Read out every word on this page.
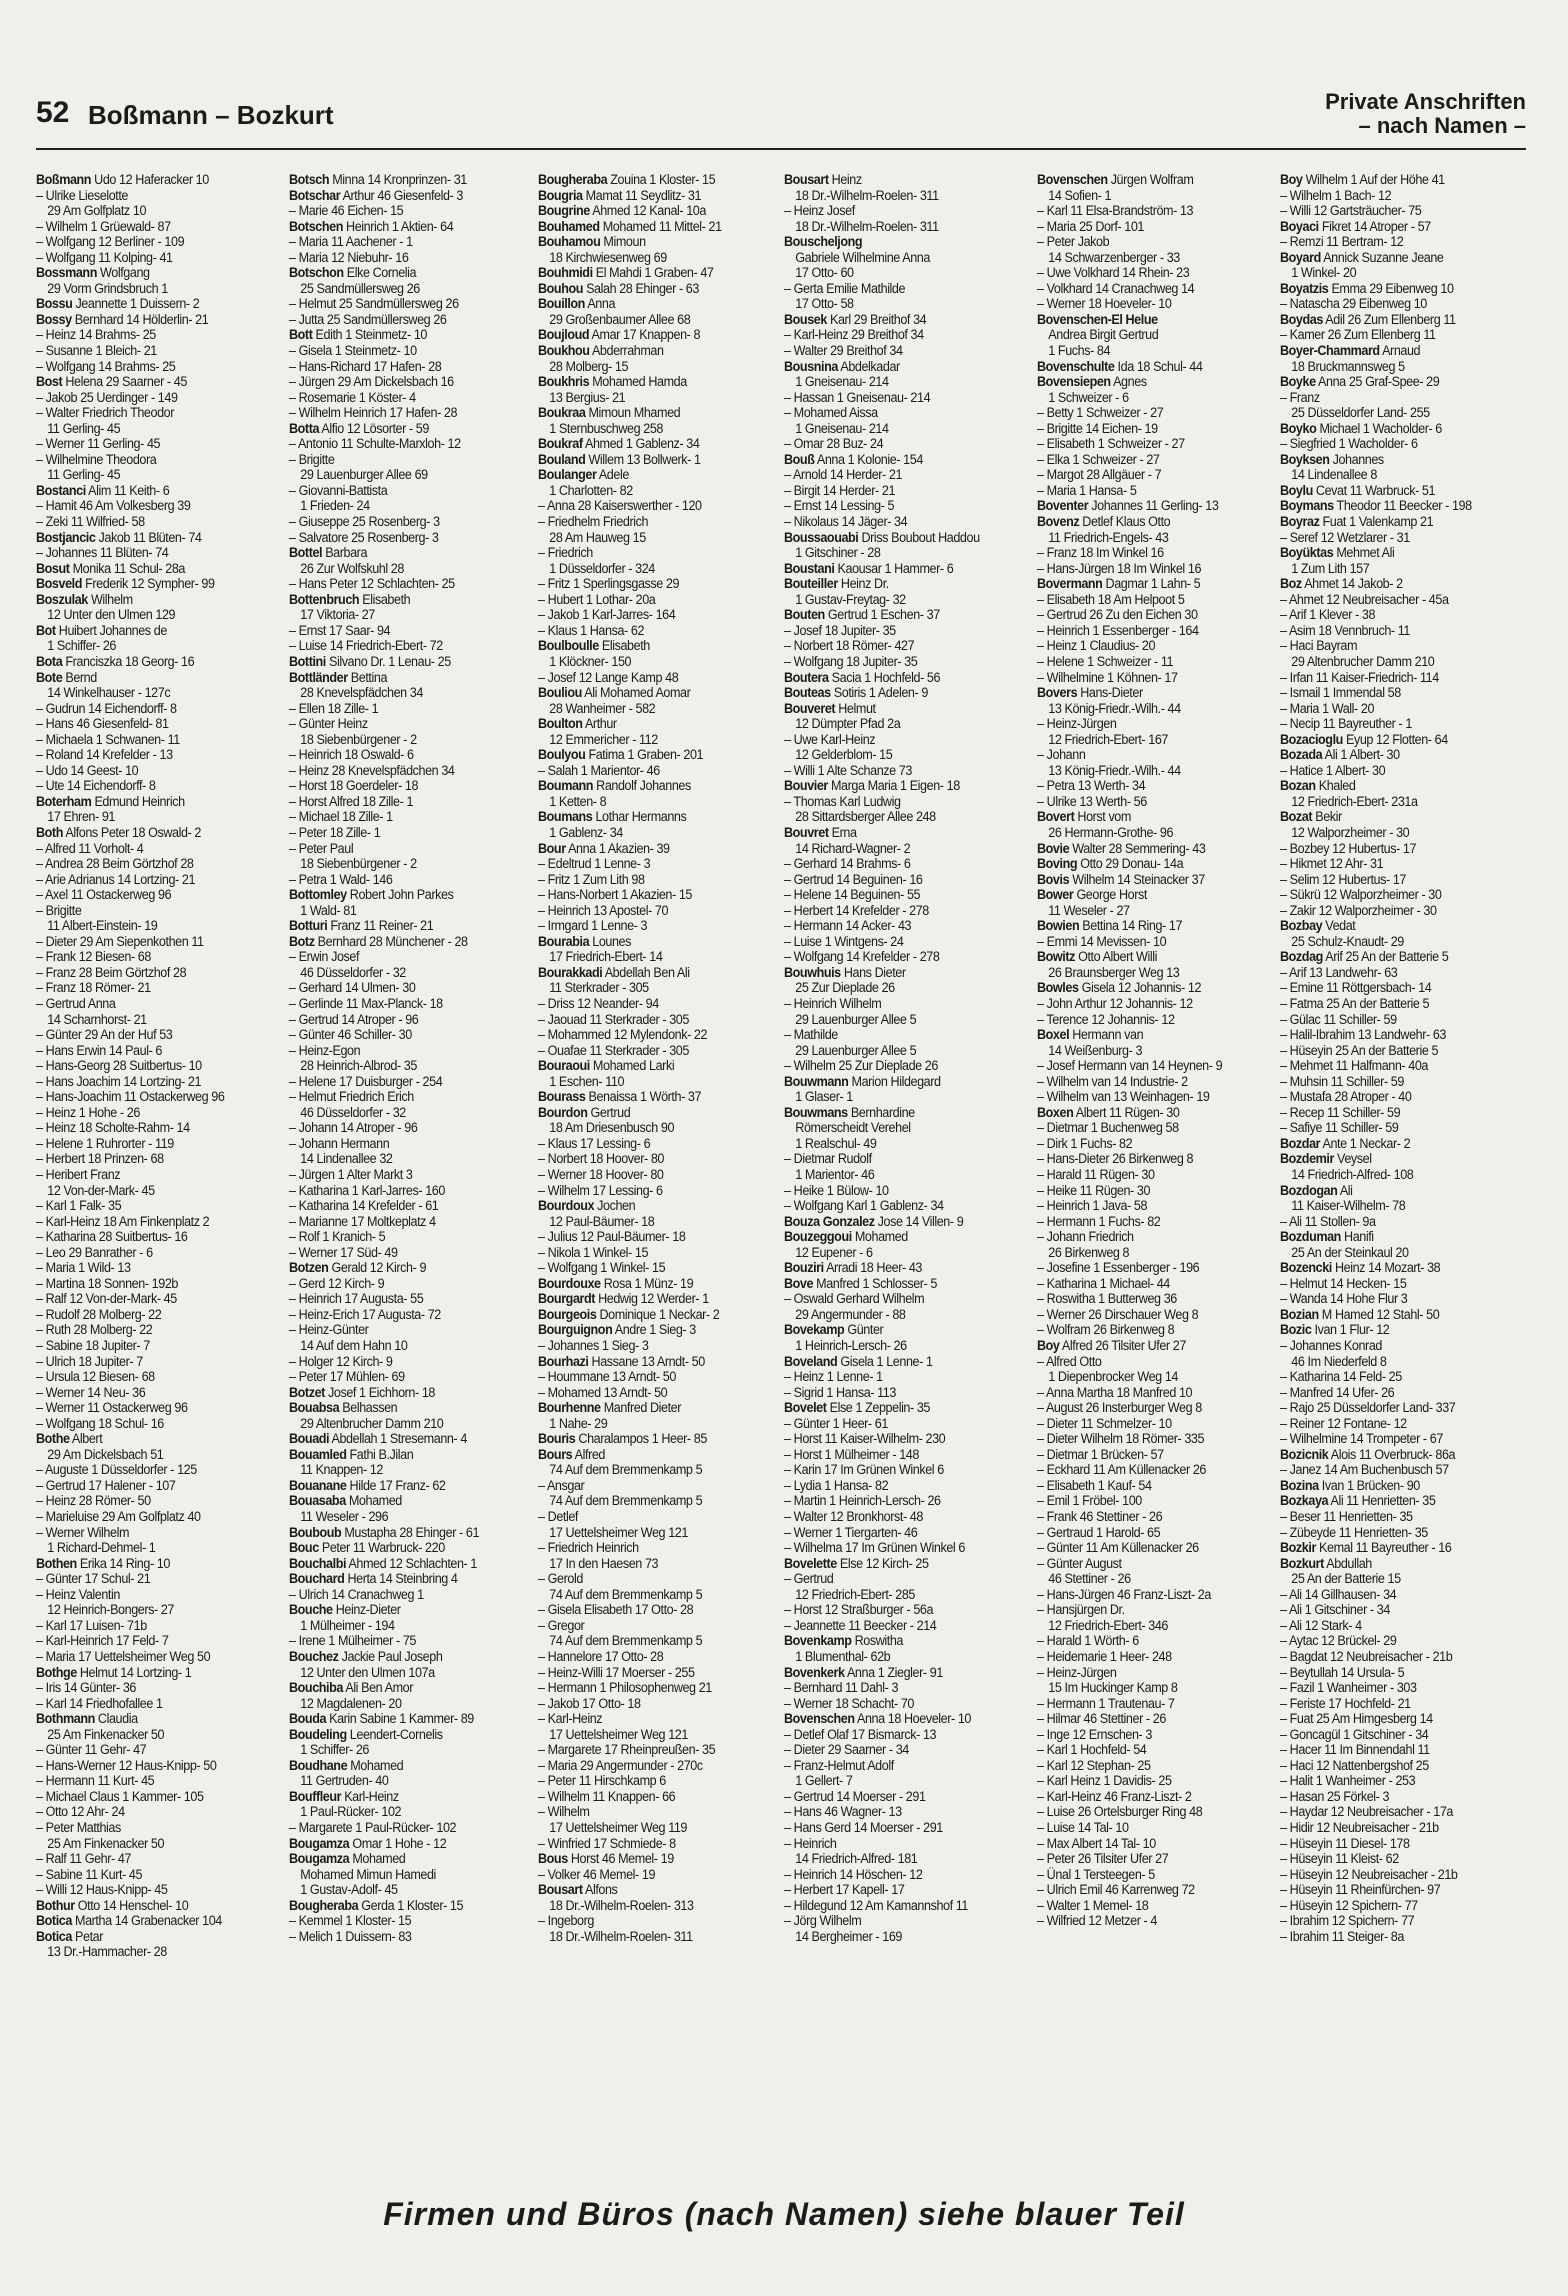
52 Boßmann – Bozkurt	Private Anschriften
– nach Namen –
Boßmann Udo 12 Haferacker 10
– Ulrike Lieselotte
29 Am Golfplatz 10
– Wilhelm 1 Grüewald- 87
– Wolfgang 12 Berliner - 109
– Wolfgang 11 Kolping- 41
Bossmann Wolfgang
29 Vorm Grindsbruch 1
Bossu Jeannette 1 Duissern- 2
Bossy Bernhard 14 Hölderlin- 21
– Heinz 14 Brahms- 25
– Susanne 1 Bleich- 21
– Wolfgang 14 Brahms- 25
Bost Helena 29 Saarner - 45
– Jakob 25 Uerdinger - 149
– Walter Friedrich Theodor
11 Gerling- 45
– Werner 11 Gerling- 45
– Wilhelmine Theodora
11 Gerling- 45
Bostanci Alim 11 Keith- 6
– Hamit 46 Am Volkesberg 39
– Zeki 11 Wilfried- 58
Bostjancic Jakob 11 Blüten- 74
– Johannes 11 Blüten- 74
Bosut Monika 11 Schul- 28a
Bosveld Frederik 12 Sympher- 99
Boszulak Wilhelm
12 Unter den Ulmen 129
Bot Huibert Johannes de
1 Schiffer- 26
Bota Franciszka 18 Georg- 16
Bote Bernd
14 Winkelhauser - 127c
– Gudrun 14 Eichendorff- 8
– Hans 46 Giesenfeld- 81
– Michaela 1 Schwanen- 11
– Roland 14 Krefelder - 13
– Udo 14 Geest- 10
– Ute 14 Eichendorff- 8
Boterham Edmund Heinrich
17 Ehren- 91
Both Alfons Peter 18 Oswald- 2
– Alfred 11 Vorholt- 4
– Andrea 28 Beim Görtzhof 28
– Arie Adrianus 14 Lortzing- 21
– Axel 11 Ostackerweg 96
– Brigitte
11 Albert-Einstein- 19
– Dieter 29 Am Siepenkothen 11
– Frank 12 Biesen- 68
– Franz 28 Beim Görtzhof 28
– Franz 18 Römer- 21
– Gertrud Anna
14 Scharnhorst- 21
– Günter 29 An der Huf 53
– Hans Erwin 14 Paul- 6
– Hans-Georg 28 Suitbertus- 10
– Hans Joachim 14 Lortzing- 21
– Hans-Joachim 11 Ostackerweg 96
– Heinz 1 Hohe - 26
– Heinz 18 Scholte-Rahm- 14
– Helene 1 Ruhrorter - 119
– Herbert 18 Prinzen- 68
– Heribert Franz
12 Von-der-Mark- 45
– Karl 1 Falk- 35
– Karl-Heinz 18 Am Finkenplatz 2
– Katharina 28 Suitbertus- 16
– Leo 29 Banrather - 6
– Maria 1 Wild- 13
– Martina 18 Sonnen- 192b
– Ralf 12 Von-der-Mark- 45
– Rudolf 28 Molberg- 22
– Ruth 28 Molberg- 22
– Sabine 18 Jupiter- 7
– Ulrich 18 Jupiter- 7
– Ursula 12 Biesen- 68
– Werner 14 Neu- 36
– Werner 11 Ostackerweg 96
– Wolfgang 18 Schul- 16
Bothe Albert
29 Am Dickelsbach 51
– Auguste 1 Düsseldorfer - 125
– Gertrud 17 Halener - 107
– Heinz 28 Römer- 50
– Marieluise 29 Am Golfplatz 40
– Werner Wilhelm
1 Richard-Dehmel- 1
Bothen Erika 14 Ring- 10
– Günter 17 Schul- 21
– Heinz Valentin
12 Heinrich-Bongers- 27
– Karl 17 Luisen- 71b
– Karl-Heinrich 17 Feld- 7
– Maria 17 Uettelsheimer Weg 50
Bothge Helmut 14 Lortzing- 1
– Iris 14 Günter- 36
– Karl 14 Friedhofallee 1
Bothmann Claudia
25 Am Finkenacker 50
– Günter 11 Gehr- 47
– Hans-Werner 12 Haus-Knipp- 50
– Hermann 11 Kurt- 45
– Michael Claus 1 Kammer- 105
– Otto 12 Ahr- 24
– Peter Matthias
25 Am Finkenacker 50
– Ralf 11 Gehr- 47
– Sabine 11 Kurt- 45
– Willi 12 Haus-Knipp- 45
Bothur Otto 14 Henschel- 10
Botica Martha 14 Grabenacker 104
Botica Petar
13 Dr.-Hammacher- 28
Botsch Minna 14 Kronprinzen- 31
Botschar Arthur 46 Giesenfeld- 3
– Marie 46 Eichen- 15
Botschen Heinrich 1 Aktien- 64
– Maria 11 Aachener - 1
– Maria 12 Niebuhr- 16
Botschon Elke Cornelia
25 Sandmüllersweg 26
– Helmut 25 Sandmüllersweg 26
– Jutta 25 Sandmüllersweg 26
Bott Edith 1 Steinmetz- 10
– Gisela 1 Steinmetz- 10
– Hans-Richard 17 Hafen- 28
– Jürgen 29 Am Dickelsbach 16
– Rosemarie 1 Köster- 4
– Wilhelm Heinrich 17 Hafen- 28
Botta Alfio 12 Lösorter - 59
– Antonio 11 Schulte-Marxloh- 12
– Brigitte
29 Lauenburger Allee 69
– Giovanni-Battista
1 Frieden- 24
– Giuseppe 25 Rosenberg- 3
– Salvatore 25 Rosenberg- 3
Bottel Barbara
26 Zur Wolfskuhl 28
– Hans Peter 12 Schlachten- 25
Bottenbruch Elisabeth
17 Viktoria- 27
– Ernst 17 Saar- 94
– Luise 14 Friedrich-Ebert- 72
Bottini Silvano Dr. 1 Lenau- 25
Bottländer Bettina
28 Knevelspfädchen 34
– Ellen 18 Zille- 1
– Günter Heinz
18 Siebenbürgener - 2
– Heinrich 18 Oswald- 6
– Heinz 28 Knevelspfädchen 34
– Horst 18 Goerdeler- 18
– Horst Alfred 18 Zille- 1
– Michael 18 Zille- 1
– Peter 18 Zille- 1
– Peter Paul
18 Siebenbürgener - 2
– Petra 1 Wald- 146
Bottomley Robert John Parkes
1 Wald- 81
Botturi Franz 11 Reiner- 21
Botz Bernhard 28 Münchener - 28
– Erwin Josef
46 Düsseldorfer - 32
– Gerhard 14 Ulmen- 30
– Gerlinde 11 Max-Planck- 18
– Gertrud 14 Atroper - 96
– Günter 46 Schiller- 30
– Heinz-Egon
28 Heinrich-Albrod- 35
– Helene 17 Duisburger - 254
– Helmut Friedrich Erich
46 Düsseldorfer - 32
– Johann 14 Atroper - 96
– Johann Hermann
14 Lindenallee 32
– Jürgen 1 Alter Markt 3
– Katharina 1 Karl-Jarres- 160
– Katharina 14 Krefelder - 61
– Marianne 17 Moltkeplatz 4
– Rolf 1 Kranich- 5
– Werner 17 Süd- 49
Botzen Gerald 12 Kirch- 9
– Gerd 12 Kirch- 9
– Heinrich 17 Augusta- 55
– Heinz-Erich 17 Augusta- 72
– Heinz-Günter
14 Auf dem Hahn 10
– Holger 12 Kirch- 9
– Peter 17 Mühlen- 69
Botzet Josef 1 Eichhorn- 18
Bouabsa Belhassen
29 Altenbrucher Damm 210
Bouadi Abdellah 1 Stresemann- 4
Bouamled Fathi B.Jilan
11 Knappen- 12
Bouanane Hilde 17 Franz- 62
Bouasaba Mohamed
11 Weseler - 296
Bouboub Mustapha 28 Ehinger - 61
Bouc Peter 11 Warbruck- 220
Bouchalbi Ahmed 12 Schlachten- 1
Bouchard Herta 14 Steinbring 4
– Ulrich 14 Cranachweg 1
Bouche Heinz-Dieter
1 Mülheimer - 194
– Irene 1 Mülheimer - 75
Bouchez Jackie Paul Joseph
12 Unter den Ulmen 107a
Bouchiba Ali Ben Amor
12 Magdalenen- 20
Bouda Karin Sabine 1 Kammer- 89
Boudeling Leendert-Cornelis
1 Schiffer- 26
Boudhane Mohamed
11 Gertruden- 40
Bouffleur Karl-Heinz
1 Paul-Rücker- 102
– Margarete 1 Paul-Rücker- 102
Bougamza Omar 1 Hohe - 12
Bougamza Mohamed
Mohamed Mimun Hamedi
1 Gustav-Adolf- 45
Bougheraba Gerda 1 Kloster- 15
– Kemmel 1 Kloster- 15
– Melich 1 Duissern- 83
Bougheraba Zouina 1 Kloster- 15
Bougria Mamat 11 Seydlitz- 31
Bougrine Ahmed 12 Kanal- 10a
Bouhamed Mohamed 11 Mittel- 21
Bouhamou Mimoun
18 Kirchwiesenweg 69
Bouhmidi El Mahdi 1 Graben- 47
Bouhou Salah 28 Ehinger - 63
Bouillon Anna
29 Großenbaumer Allee 68
Boujloud Amar 17 Knappen- 8
Boukhou Abderrahman
28 Molberg- 15
Boukhris Mohamed Hamda
13 Bergius- 21
Boukraa Mimoun Mhamed
1 Sternbuschweg 258
Boukraf Ahmed 1 Gablenz- 34
Bouland Willem 13 Bollwerk- 1
Boulanger Adele
1 Charlotten- 82
– Anna 28 Kaiserswerther - 120
– Friedhelm Friedrich
28 Am Hauweg 15
– Friedrich
1 Düsseldorfer - 324
– Fritz 1 Sperlingsgasse 29
– Hubert 1 Lothar- 20a
– Jakob 1 Karl-Jarres- 164
– Klaus 1 Hansa- 62
Boulboulle Elisabeth
1 Klöckner- 150
– Josef 12 Lange Kamp 48
Bouliou Ali Mohamed Aomar
28 Wanheimer - 582
Boulton Arthur
12 Emmericher - 112
Boulyou Fatima 1 Graben- 201
– Salah 1 Marientor- 46
Boumann Randolf Johannes
1 Ketten- 8
Boumans Lothar Hermanns
1 Gablenz- 34
Bour Anna 1 Akazien- 39
– Edeltrud 1 Lenne- 3
– Fritz 1 Zum Lith 98
– Hans-Norbert 1 Akazien- 15
– Heinrich 13 Apostel- 70
– Irmgard 1 Lenne- 3
Bourabia Lounes
17 Friedrich-Ebert- 14
Bourakkadi Abdellah Ben Ali
11 Sterkrader - 305
– Driss 12 Neander- 94
– Jaouad 11 Sterkrader - 305
– Mohammed 12 Mylendonk- 22
– Ouafae 11 Sterkrader - 305
Bouraoui Mohamed Larki
1 Eschen- 110
Bourass Benaissa 1 Wörth- 37
Bourdon Gertrud
18 Am Driesenbusch 90
– Klaus 17 Lessing- 6
– Norbert 18 Hoover- 80
– Werner 18 Hoover- 80
– Wilhelm 17 Lessing- 6
Bourdoux Jochen
12 Paul-Bäumer- 18
– Julius 12 Paul-Bäumer- 18
– Nikola 1 Winkel- 15
– Wolfgang 1 Winkel- 15
Bourdouxe Rosa 1 Münz- 19
Bourgardt Hedwig 12 Werder- 1
Bourgeois Dominique 1 Neckar- 2
Bourguignon Andre 1 Sieg- 3
– Johannes 1 Sieg- 3
Bourhazi Hassane 13 Arndt- 50
– Hoummane 13 Arndt- 50
– Mohamed 13 Arndt- 50
Bourhenne Manfred Dieter
1 Nahe- 29
Bouris Charalampos 1 Heer- 85
Bours Alfred
74 Auf dem Bremmenkamp 5
– Ansgar
74 Auf dem Bremmenkamp 5
– Detlef
17 Uettelsheimer Weg 121
– Friedrich Heinrich
17 In den Haesen 73
– Gerold
74 Auf dem Bremmenkamp 5
– Gisela Elisabeth 17 Otto- 28
– Gregor
74 Auf dem Bremmenkamp 5
– Hannelore 17 Otto- 28
– Heinz-Willi 17 Moerser - 255
– Hermann 1 Philosophenweg 21
– Jakob 17 Otto- 18
– Karl-Heinz
17 Uettelsheimer Weg 121
– Margarete 17 Rheinpreußen- 35
– Maria 29 Angermunder - 270c
– Peter 11 Hirschkamp 6
– Wilhelm 11 Knappen- 66
– Wilhelm
17 Uettelsheimer Weg 119
– Winfried 17 Schmiede- 8
Bous Horst 46 Memel- 19
– Volker 46 Memel- 19
Bousart Alfons
18 Dr.-Wilhelm-Roelen- 313
– Ingeborg
18 Dr.-Wilhelm-Roelen- 311
Bousart Heinz
18 Dr.-Wilhelm-Roelen- 311
– Heinz Josef
18 Dr.-Wilhelm-Roelen- 311
Bouscheljong
Gabriele Wilhelmine Anna
17 Otto- 60
– Gerta Emilie Mathilde
17 Otto- 58
Bousek Karl 29 Breithof 34
– Karl-Heinz 29 Breithof 34
– Walter 29 Breithof 34
Bousnina Abdelkadar
1 Gneisenau- 214
– Hassan 1 Gneisenau- 214
– Mohamed Aissa
1 Gneisenau- 214
– Omar 28 Buz- 24
Bouß Anna 1 Kolonie- 154
– Arnold 14 Herder- 21
– Birgit 14 Herder- 21
– Ernst 14 Lessing- 5
– Nikolaus 14 Jäger- 34
Boussaouabi Driss Boubout Haddou
1 Gitschiner - 28
Boustani Kaousar 1 Hammer- 6
Bouteiller Heinz Dr.
1 Gustav-Freytag- 32
Bouten Gertrud 1 Eschen- 37
– Josef 18 Jupiter- 35
– Norbert 18 Römer- 427
– Wolfgang 18 Jupiter- 35
Boutera Sacia 1 Hochfeld- 56
Bouteas Sotiris 1 Adelen- 9
Bouveret Helmut
12 Dümpter Pfad 2a
– Uwe Karl-Heinz
12 Gelderblom- 15
– Willi 1 Alte Schanze 73
Bouvier Marga Maria 1 Eigen- 18
– Thomas Karl Ludwig
28 Sittardsberger Allee 248
Bouvret Erna
14 Richard-Wagner- 2
– Gerhard 14 Brahms- 6
– Gertrud 14 Beguinen- 16
– Helene 14 Beguinen- 55
– Herbert 14 Krefelder - 278
– Hermann 14 Acker- 43
– Luise 1 Wintgens- 24
– Wolfgang 14 Krefelder - 278
Bouwhuis Hans Dieter
25 Zur Dieplade 26
– Heinrich Wilhelm
29 Lauenburger Allee 5
– Mathilde
29 Lauenburger Allee 5
– Wilhelm 25 Zur Dieplade 26
Bouwmann Marion Hildegard
1 Glaser- 1
Bouwmans Bernhardine
Römerscheidt Verehel
1 Realschul- 49
– Dietmar Rudolf
1 Marientor- 46
– Heike 1 Bülow- 10
– Wolfgang Karl 1 Gablenz- 34
Bouza Gonzalez Jose 14 Villen- 9
Bouzeggoui Mohamed
12 Eupener - 6
Bouziri Arradi 18 Heer- 43
Bove Manfred 1 Schlosser- 5
– Oswald Gerhard Wilhelm
29 Angermunder - 88
Bovekamp Günter
1 Heinrich-Lersch- 26
Boveland Gisela 1 Lenne- 1
– Heinz 1 Lenne- 1
– Sigrid 1 Hansa- 113
Bovelet Else 1 Zeppelin- 35
– Günter 1 Heer- 61
– Horst 11 Kaiser-Wilhelm- 230
– Horst 1 Mülheimer - 148
– Karin 17 Im Grünen Winkel 6
– Lydia 1 Hansa- 82
– Martin 1 Heinrich-Lersch- 26
– Walter 12 Bronkhorst- 48
– Werner 1 Tiergarten- 46
– Wilhelma 17 Im Grünen Winkel 6
Bovelette Else 12 Kirch- 25
– Gertrud
12 Friedrich-Ebert- 285
– Horst 12 Straßburger - 56a
– Jeannette 11 Beecker - 214
Bovenkamp Roswitha
1 Blumenthal- 62b
Bovenkerk Anna 1 Ziegler- 91
– Bernhard 11 Dahl- 3
– Werner 18 Schacht- 70
Bovenschen Anna 18 Hoeveler- 10
– Detlef Olaf 17 Bismarck- 13
– Dieter 29 Saarner - 34
– Franz-Helmut Adolf
1 Gellert- 7
– Gertrud 14 Moerser - 291
– Hans 46 Wagner- 13
– Hans Gerd 14 Moerser - 291
– Heinrich
14 Friedrich-Alfred- 181
– Heinrich 14 Höschen- 12
– Herbert 17 Kapell- 17
– Hildegund 12 Am Kamannshof 11
– Jörg Wilhelm
14 Bergheimer - 169
Bovenschen Jürgen Wolfram
14 Sofien- 1
– Karl 11 Elsa-Brandström- 13
– Maria 25 Dorf- 101
– Peter Jakob
14 Schwarzenberger - 33
– Uwe Volkhard 14 Rhein- 23
– Volkhard 14 Cranachweg 14
– Werner 18 Hoeveler- 10
Bovenschen-El Helue
Andrea Birgit Gertrud
1 Fuchs- 84
Bovenschulte Ida 18 Schul- 44
Bovensiepen Agnes
1 Schweizer - 6
– Betty 1 Schweizer - 27
– Brigitte 14 Eichen- 19
– Elisabeth 1 Schweizer - 27
– Elka 1 Schweizer - 27
– Margot 28 Allgäuer - 7
– Maria 1 Hansa- 5
Boventer Johannes 11 Gerling- 13
Bovenz Detlef Klaus Otto
11 Friedrich-Engels- 43
– Franz 18 Im Winkel 16
– Hans-Jürgen 18 Im Winkel 16
Bovermann Dagmar 1 Lahn- 5
– Elisabeth 18 Am Helpoot 5
– Gertrud 26 Zu den Eichen 30
– Heinrich 1 Essenberger - 164
– Heinz 1 Claudius- 20
– Helene 1 Schweizer - 11
– Wilhelmine 1 Köhnen- 17
Bovers Hans-Dieter
13 König-Friedr.-Wilh.- 44
– Heinz-Jürgen
12 Friedrich-Ebert- 167
– Johann
13 König-Friedr.-Wilh.- 44
– Petra 13 Werth- 34
– Ulrike 13 Werth- 56
Bovert Horst vom
26 Hermann-Grothe- 96
Bovie Walter 28 Semmering- 43
Boving Otto 29 Donau- 14a
Bovis Wilhelm 14 Steinacker 37
Bower George Horst
11 Weseler - 27
Bowien Bettina 14 Ring- 17
– Emmi 14 Mevissen- 10
Bowitz Otto Albert Willi
26 Braunsberger Weg 13
Bowles Gisela 12 Johannis- 12
– John Arthur 12 Johannis- 12
– Terence 12 Johannis- 12
Boxel Hermann van
14 Weißenburg- 3
– Josef Hermann van 14 Heynen- 9
– Wilhelm van 14 Industrie- 2
– Wilhelm van 13 Weinhagen- 19
Boxen Albert 11 Rügen- 30
– Dietmar 1 Buchenweg 58
– Dirk 1 Fuchs- 82
– Hans-Dieter 26 Birkenweg 8
– Harald 11 Rügen- 30
– Heike 11 Rügen- 30
– Heinrich 1 Java- 58
– Hermann 1 Fuchs- 82
– Johann Friedrich
26 Birkenweg 8
– Josefine 1 Essenberger - 196
– Katharina 1 Michael- 44
– Roswitha 1 Butterweg 36
– Werner 26 Dirschauer Weg 8
– Wolfram 26 Birkenweg 8
Boy Alfred 26 Tilsiter Ufer 27
– Alfred Otto
1 Diepenbrocker Weg 14
– Anna Martha 18 Manfred 10
– August 26 Insterburger Weg 8
– Dieter 11 Schmelzer- 10
– Dieter Wilhelm 18 Römer- 335
– Dietmar 1 Brücken- 57
– Eckhard 11 Am Küllenacker 26
– Elisabeth 1 Kauf- 54
– Emil 1 Fröbel- 100
– Frank 46 Stettiner - 26
– Gertraud 1 Harold- 65
– Günter 11 Am Küllenacker 26
– Günter August
46 Stettiner - 26
– Hans-Jürgen 46 Franz-Liszt- 2a
– Hansjürgen Dr.
12 Friedrich-Ebert- 346
– Harald 1 Wörth- 6
– Heidemarie 1 Heer- 248
– Heinz-Jürgen
15 Im Huckinger Kamp 8
– Hermann 1 Trautenau- 7
– Hilmar 46 Stettiner - 26
– Inge 12 Ernschen- 3
– Karl 1 Hochfeld- 54
– Karl 12 Stephan- 25
– Karl Heinz 1 Davidis- 25
– Karl-Heinz 46 Franz-Liszt- 2
– Luise 26 Ortelsburger Ring 48
– Luise 14 Tal- 10
– Max Albert 14 Tal- 10
– Peter 26 Tilsiter Ufer 27
– Ünal 1 Tersteegen- 5
– Ulrich Emil 46 Karrenweg 72
– Walter 1 Memel- 18
– Wilfried 12 Metzer - 4
Boy Wilhelm 1 Auf der Höhe 41
– Wilhelm 1 Bach- 12
– Willi 12 Gartsträucher- 75
Boyaci Fikret 14 Atroper - 57
– Remzi 11 Bertram- 12
Boyard Annick Suzanne Jeane
1 Winkel- 20
Boyatzis Emma 29 Eibenweg 10
– Natascha 29 Eibenweg 10
Boydas Adil 26 Zum Ellenberg 11
– Kamer 26 Zum Ellenberg 11
Boyer-Chammard Arnaud
18 Bruckmannsweg 5
Boyke Anna 25 Graf-Spee- 29
– Franz
25 Düsseldorfer Land- 255
Boyko Michael 1 Wacholder- 6
– Siegfried 1 Wacholder- 6
Boyksen Johannes
14 Lindenallee 8
Boylu Cevat 11 Warbruck- 51
Boymans Theodor 11 Beecker - 198
Boyraz Fuat 1 Valenkamp 21
– Seref 12 Wetzlarer - 31
Boyüktas Mehmet Ali
1 Zum Lith 157
Boz Ahmet 14 Jakob- 2
– Ahmet 12 Neubreisacher - 45a
– Arif 1 Klever - 38
– Asim 18 Vennbruch- 11
– Haci Bayram
29 Altenbrucher Damm 210
– Irfan 11 Kaiser-Friedrich- 114
– Ismail 1 Immendal 58
– Maria 1 Wall- 20
– Necip 11 Bayreuther - 1
Bozacioglu Eyup 12 Flotten- 64
Bozada Ali 1 Albert- 30
– Hatice 1 Albert- 30
Bozan Khaled
12 Friedrich-Ebert- 231a
Bozat Bekir
12 Walporzheimer - 30
– Bozbey 12 Hubertus- 17
– Hikmet 12 Ahr- 31
– Selim 12 Hubertus- 17
– Sükrü 12 Walporzheimer - 30
– Zakir 12 Walporzheimer - 30
Bozbay Vedat
25 Schulz-Knaudt- 29
Bozdag Arif 25 An der Batterie 5
– Arif 13 Landwehr- 63
– Emine 11 Röttgersbach- 14
– Fatma 25 An der Batterie 5
– Gülac 11 Schiller- 59
– Halil-Ibrahim 13 Landwehr- 63
– Hüseyin 25 An der Batterie 5
– Mehmet 11 Halfmann- 40a
– Muhsin 11 Schiller- 59
– Mustafa 28 Atroper - 40
– Recep 11 Schiller- 59
– Safiye 11 Schiller- 59
Bozdar Ante 1 Neckar- 2
Bozdemir Veysel
14 Friedrich-Alfred- 108
Bozdogan Ali
11 Kaiser-Wilhelm- 78
– Ali 11 Stollen- 9a
Bozduman Hanifi
25 An der Steinkaul 20
Bozencki Heinz 14 Mozart- 38
– Helmut 14 Hecken- 15
– Wanda 14 Hohe Flur 3
Bozian M Hamed 12 Stahl- 50
Bozic Ivan 1 Flur- 12
– Johannes Konrad
46 Im Niederfeld 8
– Katharina 14 Feld- 25
– Manfred 14 Ufer- 26
– Rajo 25 Düsseldorfer Land- 337
– Reiner 12 Fontane- 12
– Wilhelmine 14 Trompeter - 67
Bozicnik Alois 11 Overbruck- 86a
– Janez 14 Am Buchenbusch 57
Bozina Ivan 1 Brücken- 90
Bozkaya Ali 11 Henrietten- 35
– Beser 11 Henrietten- 35
– Zübeyde 11 Henrietten- 35
Bozkir Kemal 11 Bayreuther - 16
Bozkurt Abdullah
25 An der Batterie 15
– Ali 14 Gillhausen- 34
– Ali 1 Gitschiner - 34
– Ali 12 Stark- 4
– Aytac 12 Brückel- 29
– Bagdat 12 Neubreisacher - 21b
– Beytullah 14 Ursula- 5
– Fazil 1 Wanheimer - 303
– Feriste 17 Hochfeld- 21
– Fuat 25 Am Himgesberg 14
– Goncagül 1 Gitschiner - 34
– Hacer 11 Im Binnendahl 11
– Haci 12 Nattenbergshof 25
– Halit 1 Wanheimer - 253
– Hasan 25 Förkel- 3
– Haydar 12 Neubreisacher - 17a
– Hidir 12 Neubreisacher - 21b
– Hüseyin 11 Diesel- 178
– Hüseyin 11 Kleist- 62
– Hüseyin 12 Neubreisacher - 21b
– Hüseyin 11 Rheinfürchen- 97
– Hüseyin 12 Spichern- 77
– Ibrahim 12 Spichern- 77
– Ibrahim 11 Steiger- 8a
Firmen und Büros (nach Namen) siehe blauer Teil
